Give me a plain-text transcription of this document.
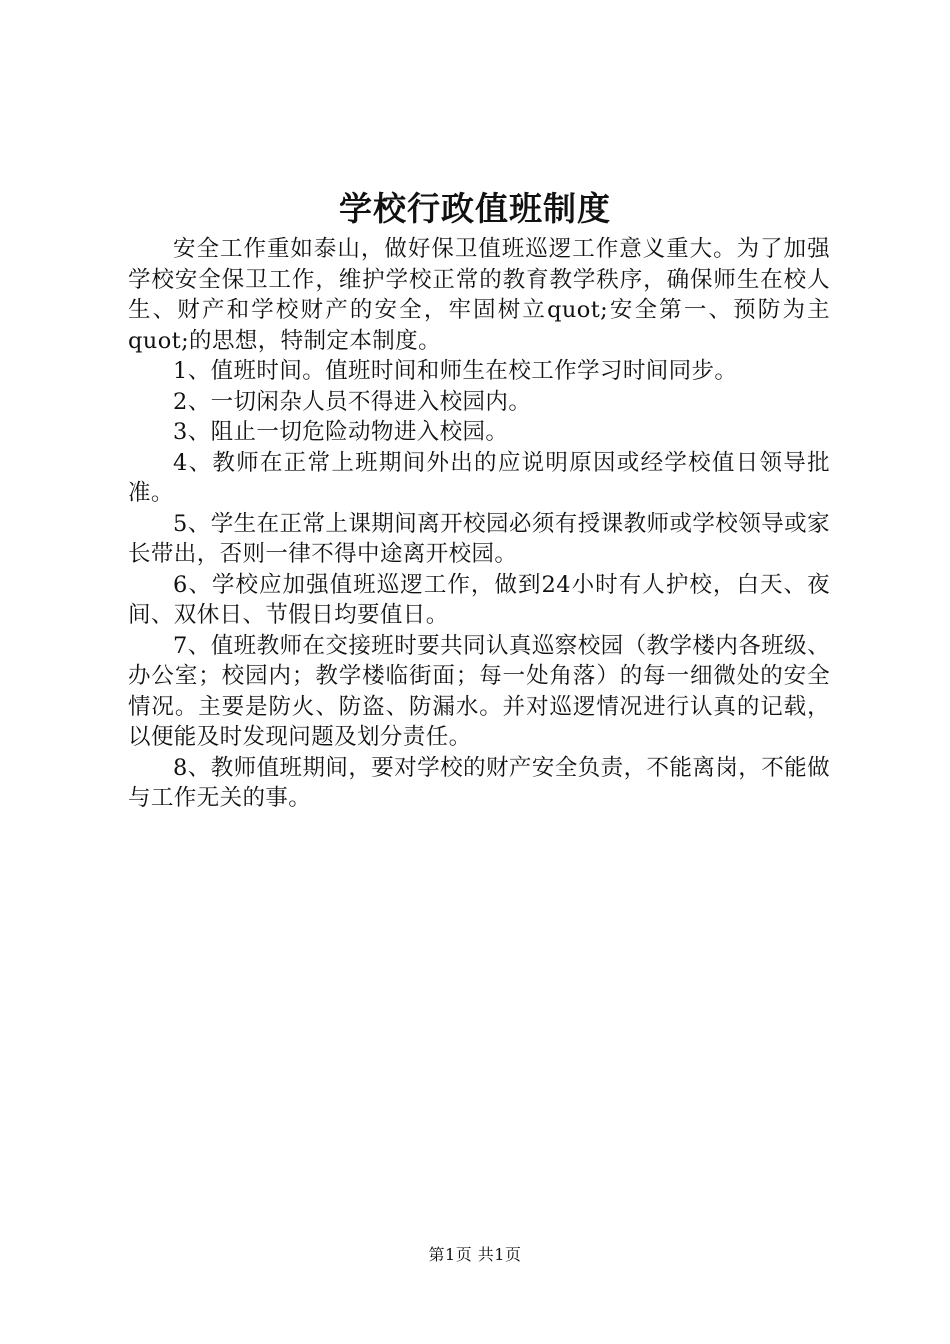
学校行政值班制度

安全工作重如泰山，做好保卫值班巡逻工作意义重大。为了加强学校安全保卫工作，维护学校正常的教育教学秩序，确保师生在校人生、财产和学校财产的安全，牢固树立quot;安全第一、预防为主quot;的思想，特制定本制度。

1、值班时间。值班时间和师生在校工作学习时间同步。

2、一切闲杂人员不得进入校园内。

3、阻止一切危险动物进入校园。

4、教师在正常上班期间外出的应说明原因或经学校值日领导批准。

5、学生在正常上课期间离开校园必须有授课教师或学校领导或家长带出，否则一律不得中途离开校园。

6、学校应加强值班巡逻工作，做到24小时有人护校，白天、夜间、双休日、节假日均要值日。

7、值班教师在交接班时要共同认真巡察校园（教学楼内各班级、办公室；校园内；教学楼临街面；每一处角落）的每一细微处的安全情况。主要是防火、防盗、防漏水。并对巡逻情况进行认真的记载，以便能及时发现问题及划分责任。

8、教师值班期间，要对学校的财产安全负责，不能离岗，不能做与工作无关的事。

第1页 共1页
